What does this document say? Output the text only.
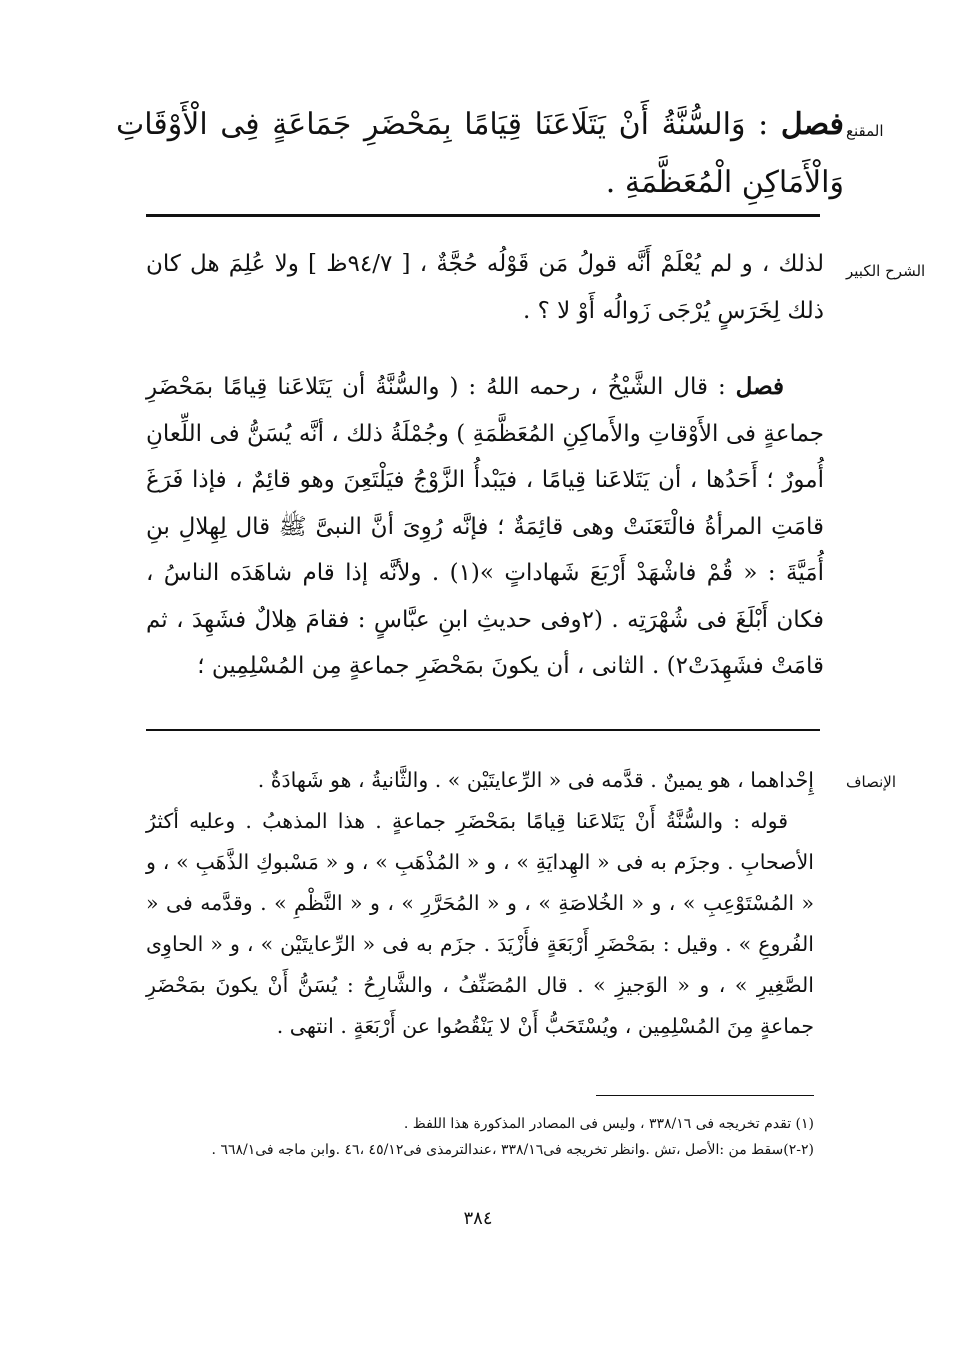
المقنع

فصل : وَالسُّنَّةُ أَنْ يَتَلَاعَنَا قِيَامًا بِمَحْضَرِ جَمَاعَةٍ فِى الْأَوْقَاتِ وَالْأَمَاكِنِ الْمُعَظَّمَةِ .

الشرح الكبير

لذلك ، و لم يُعْلَمْ أَنَّه قولُ مَن قَوْلُه حُجَّةٌ ، [ ٩٤/٧ظ ] ولا عُلِمَ هل كان ذلك لِخَرَسٍ يُرْجَى زَوالُه أَوْ لا ؟ .

فصل : قال الشَّيْخُ ، رحمه اللهُ : ( والسُّنَّةُ أن يَتَلاعَنا قِيامًا بمَحْضَرِ جماعةٍ فى الأَوْقاتِ والأَماكِنِ المُعَظَّمَةِ ) وجُمْلَةُ ذلك ، أنَّه يُسَنُّ فى اللِّعانِ أُمورٌ ؛ أَحَدُها ، أن يَتَلاعَنا قِيامًا ، فيَبْدأُ الزَّوْجُ فيَلْتَعِنَ وهو قائِمٌ ، فإذا فَرَغَ قامَتِ المرأةُ فالْتَعَنَتْ وهى قائِمَةٌ ؛ فإنَّه رُوِىَ أنَّ النبىَّ ﷺ قال لِهِلالِ بنِ أُمَيَّةَ : « قُمْ فاشْهَدْ أَرْبَعَ شَهاداتٍ »(١) . ولأنَّه إذا قام شاهَدَه الناسُ ، فكان أَبْلَغَ فى شُهْرَتِه . (٢وفى حديثِ ابنِ عبَّاسٍ : فقامَ هِلالٌ فشَهِدَ ، ثم قامَتْ فشَهِدَتْ٢) . الثانى ، أن يكونَ بمَحْضَرِ جماعةٍ مِن المُسْلِمِين ؛

الإنصاف

إِحْداهما ، هو يمينٌ . قدَّمه فى « الرِّعايتَيْن » . والثَّانيةُ ، هو شَهادَةٌ .

قوله : والسُّنَّةُ أَنْ يَتَلاعَنا قِيامًا بمَحْضَرِ جماعةٍ . هذا المذهبُ . وعليه أكثرُ الأصحابِ . وجزَم به فى « الهِدايَةِ » ، و « المُذْهَبِ » ، و « مَسْبوكِ الذَّهَبِ » ، و « المُسْتَوْعِبِ » ، و « الخُلاصَةِ » ، و « المُحَرَّرِ » ، و « النَّظْمِ » . وقدَّمه فى « الفُروعِ » . وقيل : بمَحْضَرِ أَرْبَعَةٍ فأَزْيَدَ . جزَم به فى « الرِّعايتَيْن » ، و « الحاوِى الصَّغِيرِ » ، و « الوَجيزِ » . قال المُصَنِّفُ ، والشَّارِحُ : يُسَنُّ أَنْ يكونَ بمَحْضَرِ جماعةٍ مِنَ المُسْلِمِين ، ويُسْتَحَبُّ أَنْ لا يَنْقُصُوا عن أَرْبَعَةٍ . انتهى .

(١) تقدم تخريجه فى ٣٣٨/١٦ ، وليس فى المصادر المذكورة هذا اللفظ .

(٢-٢)سقط من :الأصل ،تش .وانظر تخريجه فى٣٣٨/١٦ ،عندالترمذى فى٤٥/١٢ ،٤٦ .وابن ماجه فى٦٦٨/١ .

٣٨٤
